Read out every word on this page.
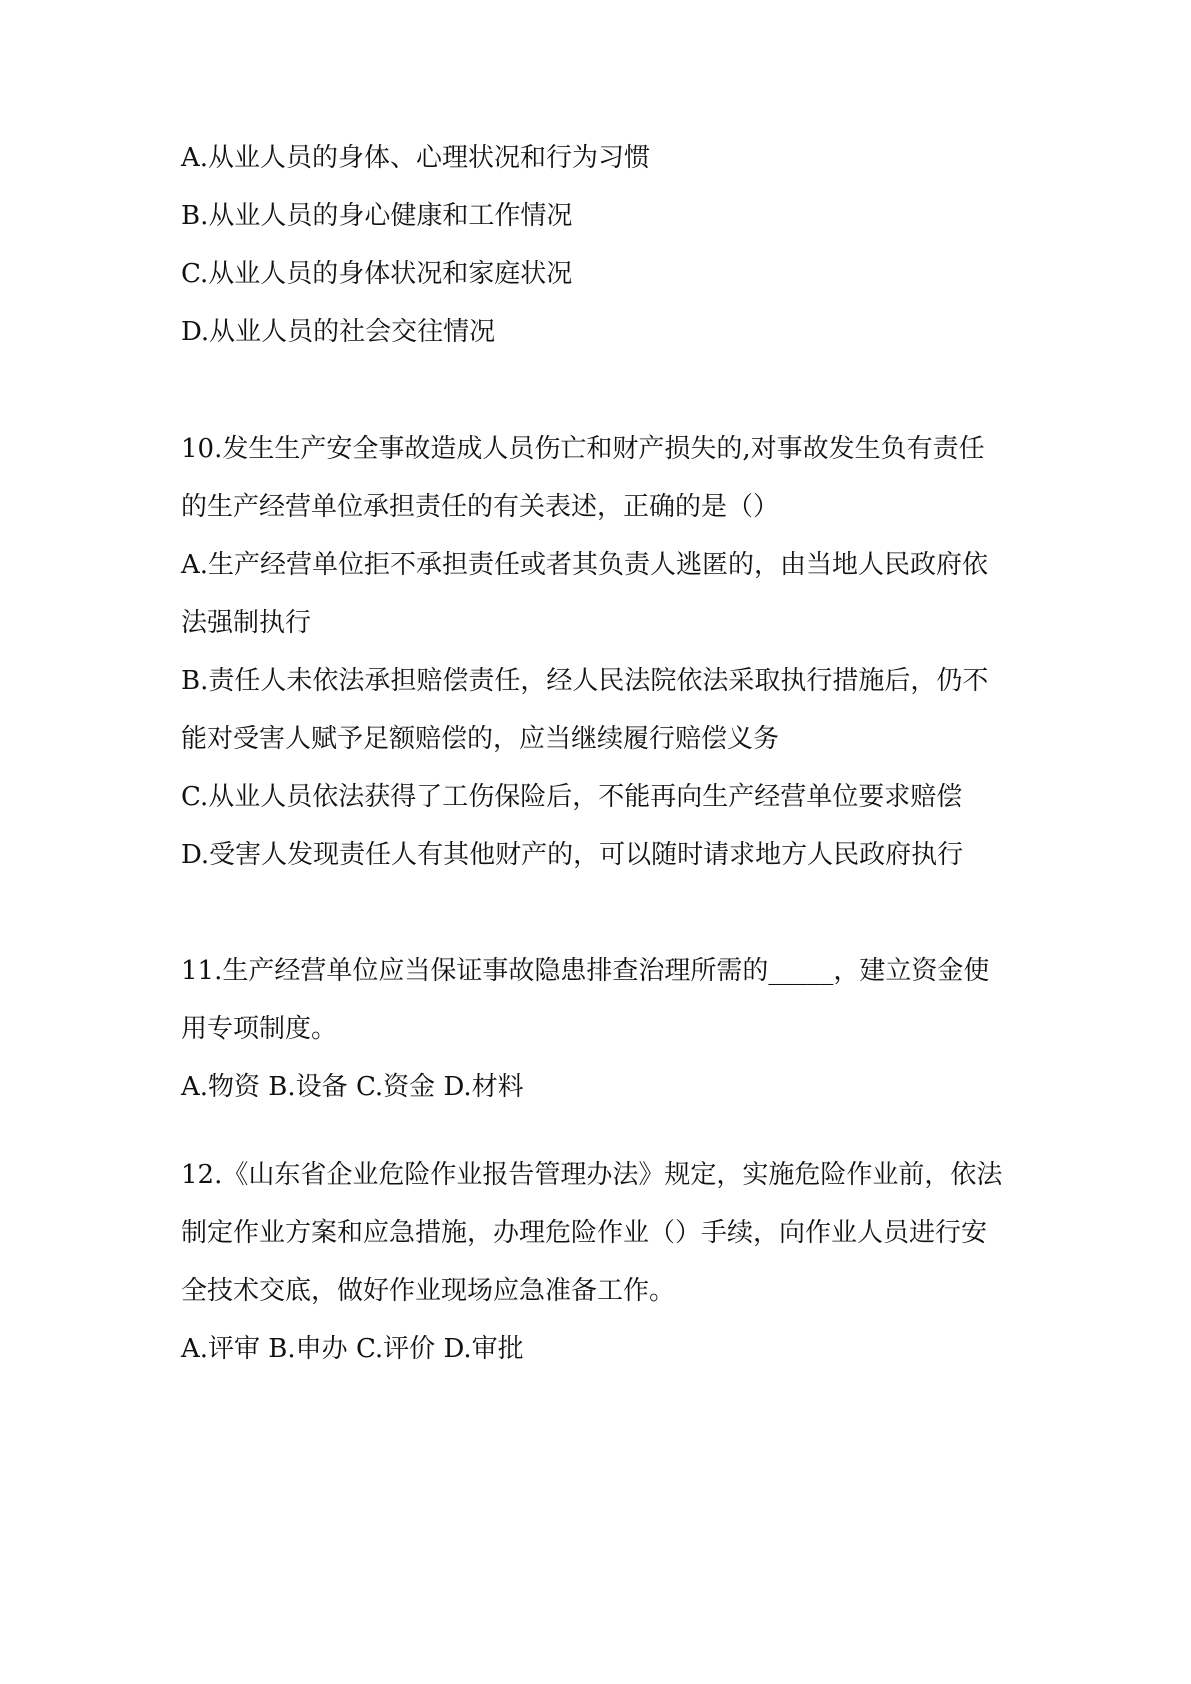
A.从业人员的身体、心理状况和行为习惯
B.从业人员的身心健康和工作情况
C.从业人员的身体状况和家庭状况
D.从业人员的社会交往情况
10.发生生产安全事故造成人员伤亡和财产损失的,对事故发生负有责任
的生产经营单位承担责任的有关表述，正确的是（）
A.生产经营单位拒不承担责任或者其负责人逃匿的，由当地人民政府依
法强制执行
B.责任人未依法承担赔偿责任，经人民法院依法采取执行措施后，仍不
能对受害人赋予足额赔偿的，应当继续履行赔偿义务
C.从业人员依法获得了工伤保险后，不能再向生产经营单位要求赔偿
D.受害人发现责任人有其他财产的，可以随时请求地方人民政府执行
11.生产经营单位应当保证事故隐患排查治理所需的_____，建立资金使
用专项制度。
A.物资 B.设备 C.资金 D.材料
12.《山东省企业危险作业报告管理办法》规定，实施危险作业前，依法
制定作业方案和应急措施，办理危险作业（）手续，向作业人员进行安
全技术交底，做好作业现场应急准备工作。
A.评审 B.申办 C.评价 D.审批
